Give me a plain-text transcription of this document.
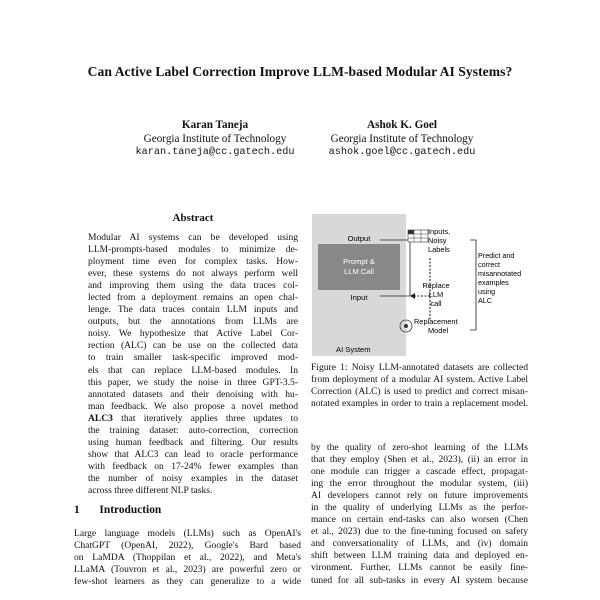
Can Active Label Correction Improve LLM-based Modular AI Systems?
Karan Taneja
Georgia Institute of Technology
karan.taneja@cc.gatech.edu
Ashok K. Goel
Georgia Institute of Technology
ashok.goel@cc.gatech.edu
Abstract
Modular AI systems can be developed using
LLM-prompts-based modules to minimize de-
ployment time even for complex tasks. How-
ever, these systems do not always perform well
and improving them using the data traces col-
lected from a deployment remains an open chal-
lenge. The data traces contain LLM inputs and
outputs, but the annotations from LLMs are
noisy. We hypothesize that Active Label Cor-
rection (ALC) can be use on the collected data
to train smaller task-specific improved mod-
els that can replace LLM-based modules. In
this paper, we study the noise in three GPT-3.5-
annotated datasets and their denoising with hu-
man feedback. We also propose a novel method
ALC3 that iteratively applies three updates to
the training dataset: auto-correction, correction
using human feedback and filtering. Our results
show that ALC3 can lead to oracle performance
with feedback on 17-24% fewer examples than
the number of noisy examples in the dataset
across three different NLP tasks.
1 Introduction
Large language models (LLMs) such as OpenAI's
ChatGPT (OpenAI, 2022), Google's Bard based
on LaMDA (Thoppilan et al., 2022), and Meta's
LLaMA (Touvron et al., 2023) are powerful zero or
few-shot learners as they can generalize to a wide
Prompt &
LLM Call
Output
Input
AI System
Inputs,
Noisy
Labels
Replace
LLM
call
Replacement
Model
Predict and
correct
misannotated
examples
using
ALC
Figure 1: Noisy LLM-annotated datasets are collected
from deployment of a modular AI system. Active Label
Correction (ALC) is used to predict and correct misan-
notated examples in order to train a replacement model.
by the quality of zero-shot learning of the LLMs
that they employ (Shen et al., 2023), (ii) an error in
one module can trigger a cascade effect, propagat-
ing the error throughout the modular system, (iii)
AI developers cannot rely on future improvements
in the quality of underlying LLMs as the perfor-
mance on certain end-tasks can also worsen (Chen
et al., 2023) due to the fine-tuning focused on safety
and conversationality of LLMs, and (iv) domain
shift between LLM training data and deployed en-
vironment. Further, LLMs cannot be easily fine-
tuned for all sub-tasks in every AI system because
